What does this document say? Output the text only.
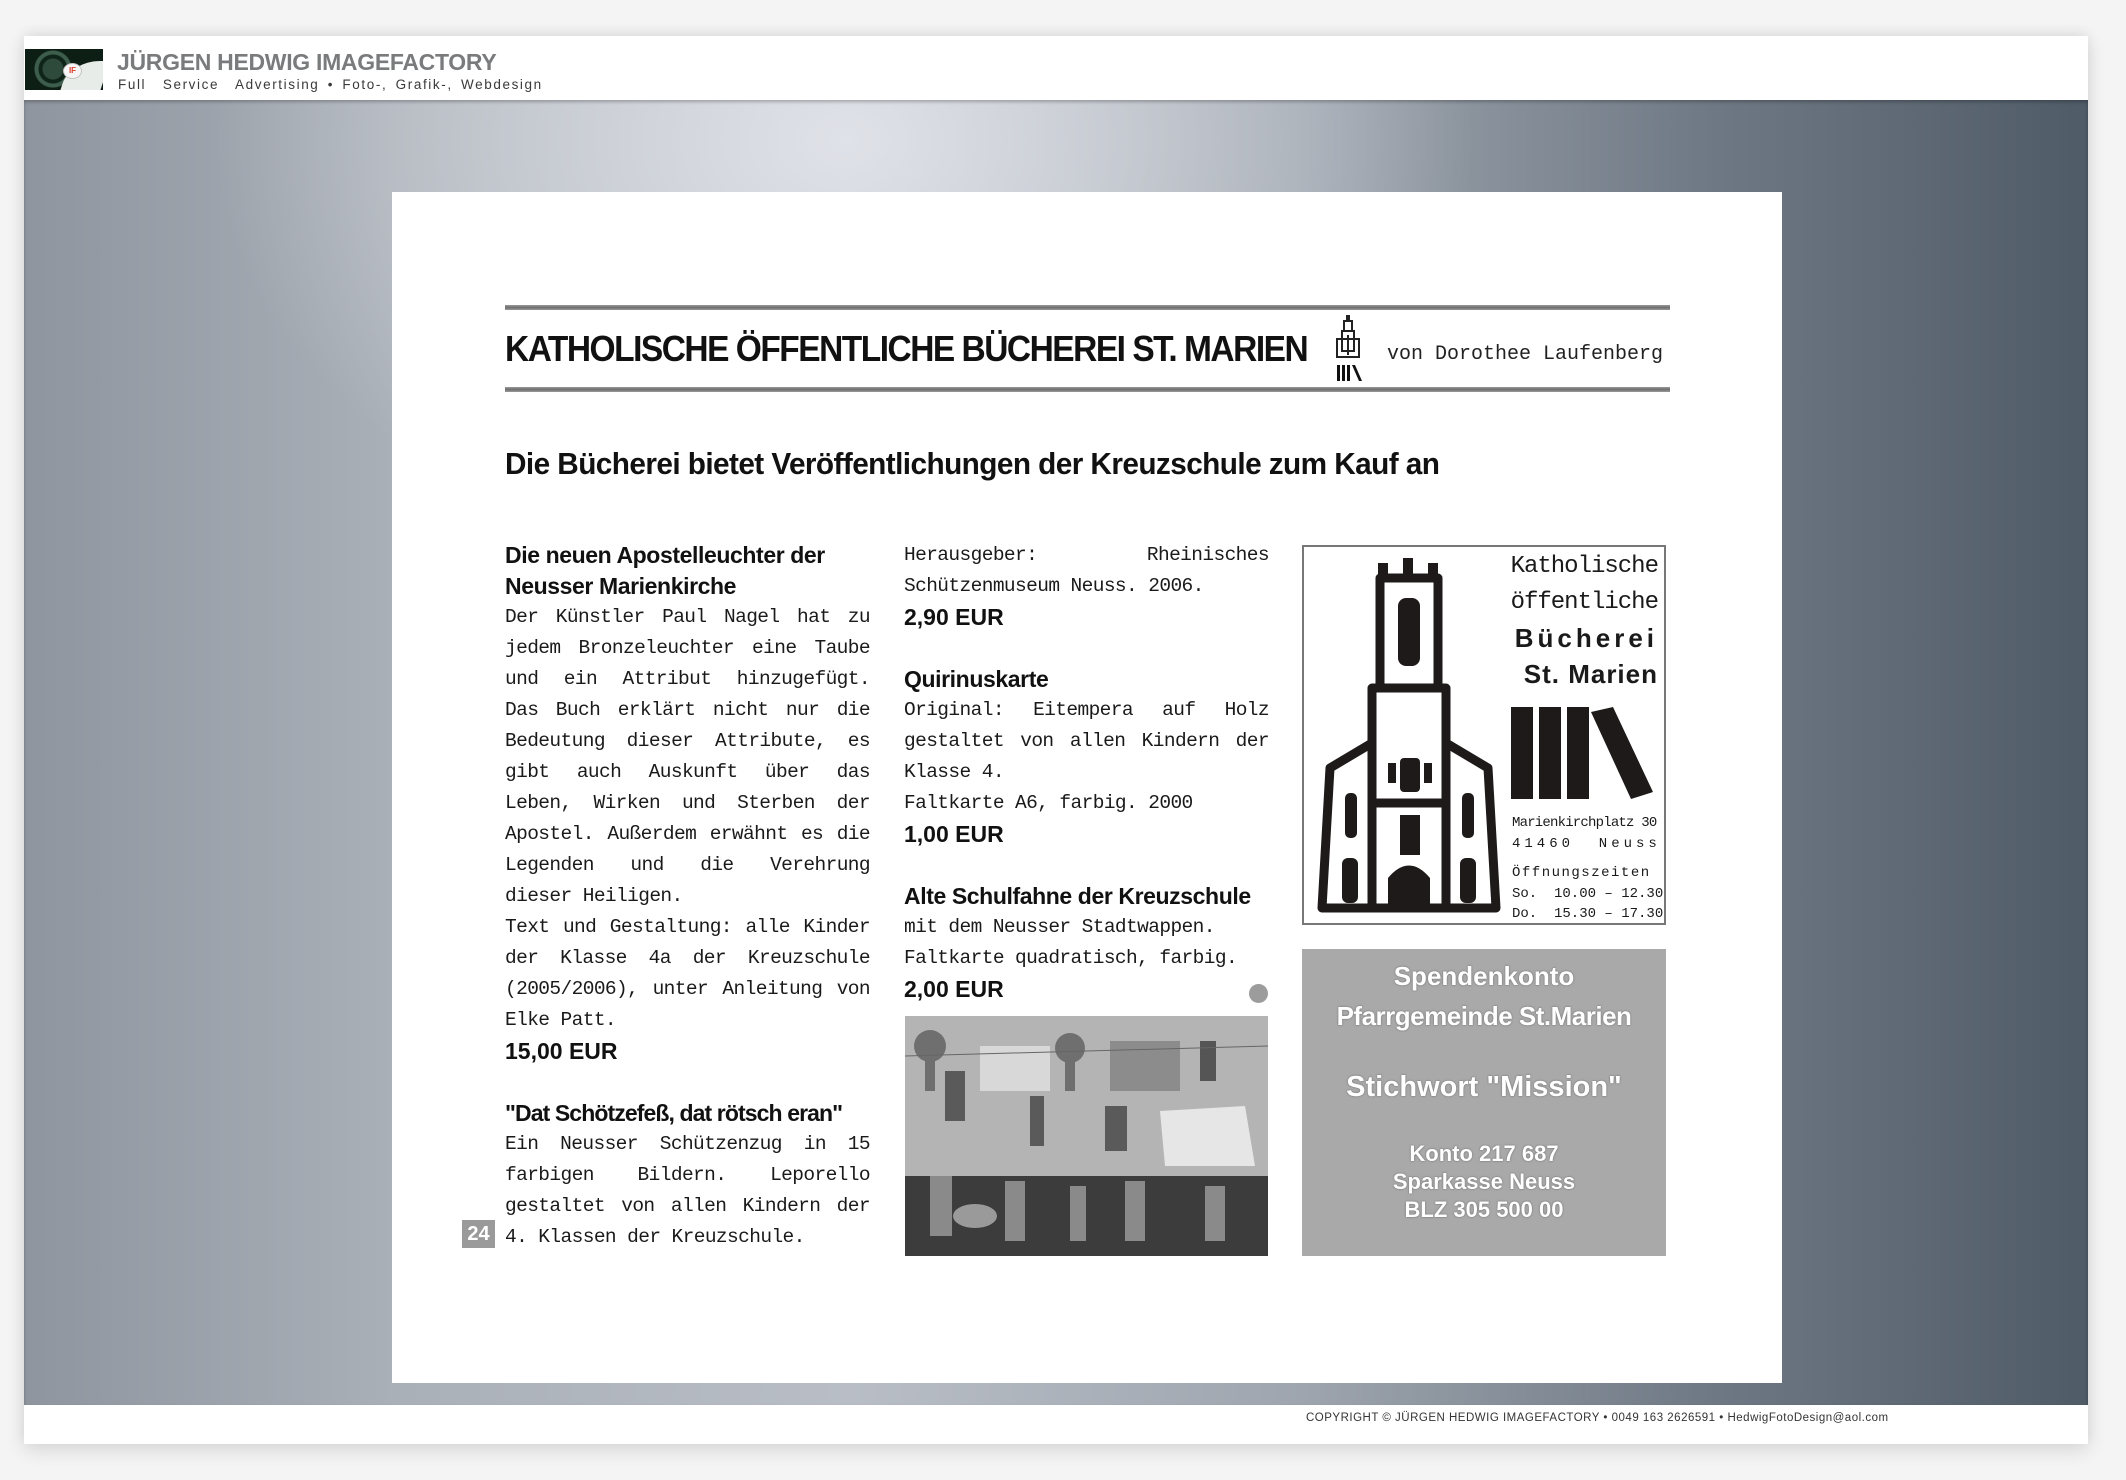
IF JÜRGEN HEDWIG IMAGEFACTORY
Full  Service  Advertising • Foto-, Grafik-, Webdesign
KATHOLISCHE ÖFFENTLICHE BÜCHEREI ST. MARIEN	von Dorothee Laufenberg
Die Bücherei bietet Veröffentlichungen der Kreuzschule zum Kauf an
Die neuen Apostelleuchter der
Neusser Marienkirche
Der Künstler Paul Nagel hat zu jedem Bronzeleuchter eine Taube und ein Attribut hinzugefügt. Das Buch erklärt nicht nur die Bedeutung dieser Attribute, es gibt auch Auskunft über das Leben, Wirken und Sterben der Apostel. Außerdem erwähnt es die Legenden und die Verehrung dieser Heiligen.
Text und Gestaltung: alle Kinder der Klasse 4a der Kreuzschule (2005/2006), unter Anleitung von Elke Patt.
15,00 EUR
"Dat Schötzefeß, dat rötsch eran"
Ein Neusser Schützenzug in 15 farbigen Bildern. Leporello gestaltet von allen Kindern der 4. Klassen der Kreuzschule.
24
Herausgeber: Rheinisches Schützenmuseum Neuss. 2006.
2,90 EUR
Quirinuskarte
Original: Eitempera auf Holz gestaltet von allen Kindern der Klasse 4.
Faltkarte A6, farbig. 2000
1,00 EUR
Alte Schulfahne der Kreuzschule
mit dem Neusser Stadtwappen.
Faltkarte quadratisch, farbig.
2,00 EUR
Katholische
öffentliche
Bücherei
St. Marien
Marienkirchplatz 30
41460  Neuss
Öffnungszeiten
So.  10.00 – 12.30
Do.  15.30 – 17.30
Spendenkonto
Pfarrgemeinde St.Marien
Stichwort "Mission"
Konto 217 687
Sparkasse Neuss
BLZ 305 500 00
COPYRIGHT © JÜRGEN HEDWIG IMAGEFACTORY • 0049 163 2626591 • HedwigFotoDesign@aol.com
